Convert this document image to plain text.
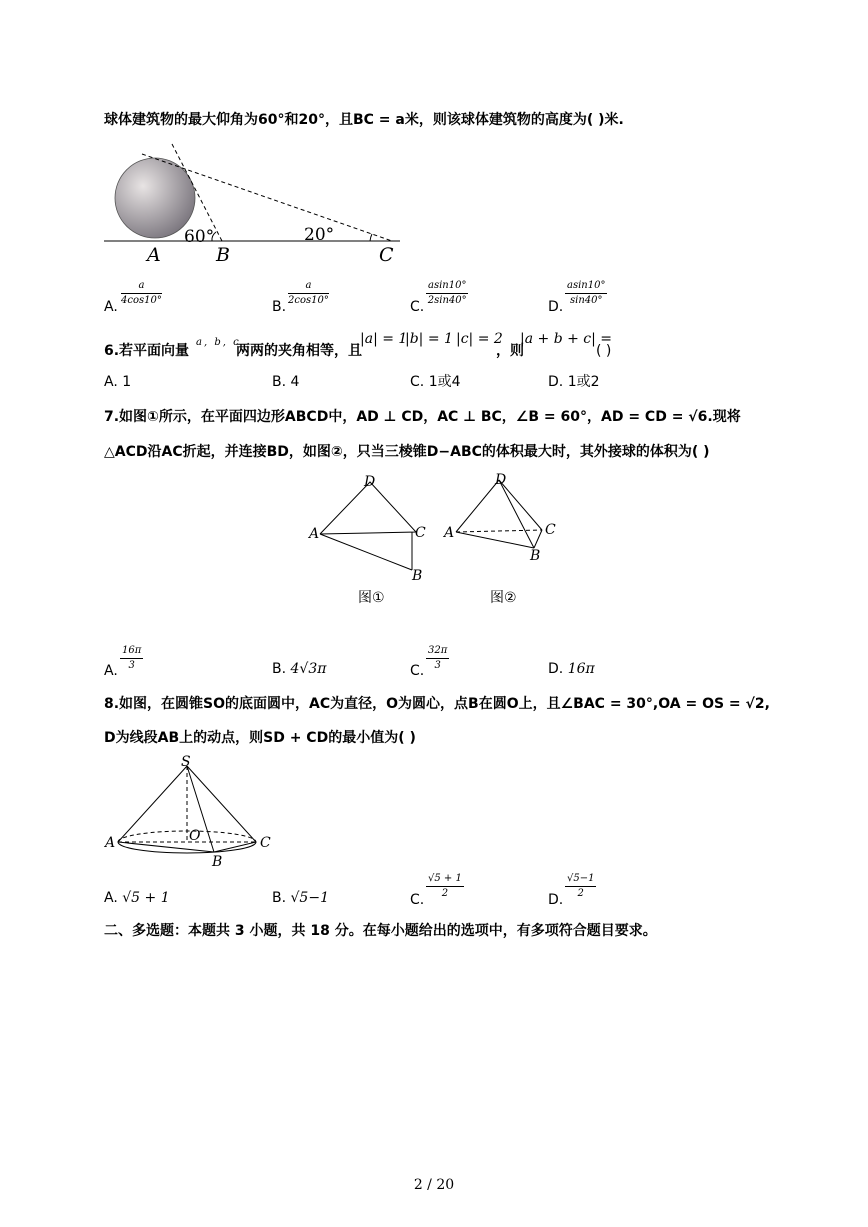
球体建筑物的最大仰角为60°和20°，且BC = a米，则该球体建筑物的高度为( )米.
60°	20°
A	B	C
A. $\frac{a}{4\cos 10^\circ}$	B. $\frac{a}{2\cos 10^\circ}$	C. $\frac{asin10^\circ}{2\sin 40^\circ}$	D. $\frac{asin10^\circ}{\sin 40^\circ}$
6.若平面向量
a, b, c
两两的夹角相等，且
|a| = 1
|b| = 1 |c| = 2
，则
|a + b + c| =
( )
A. 1	B. 4	C. 1或4	D. 1或2
7.如图①所示，在平面四边形ABCD中，AD ⊥ CD，AC ⊥ BC，∠B = 60°，AD = CD = √6.现将
△ACD沿AC折起，并连接BD，如图②，只当三棱锥D−ABC的体积最大时，其外接球的体积为( )
D
A	C
B
D
A	C
B
图①	图②
A. $\frac{16\pi}{3}$	B. 4√3π	C. $\frac{32\pi}{3}$	D. 16π
8.如图，在圆锥SO的底面圆中，AC为直径，O为圆心，点B在圆O上，且∠BAC = 30°,OA = OS = √2,
D为线段AB上的动点，则SD + CD的最小值为( )
S
O
A	C
B
A. √5 + 1	B. √5−1	C. $\frac{√5 + 1}{2}$	D. $\frac{√5-1}{2}$
二、多选题：本题共 3 小题，共 18 分。在每小题给出的选项中，有多项符合题目要求。
2 / 20
